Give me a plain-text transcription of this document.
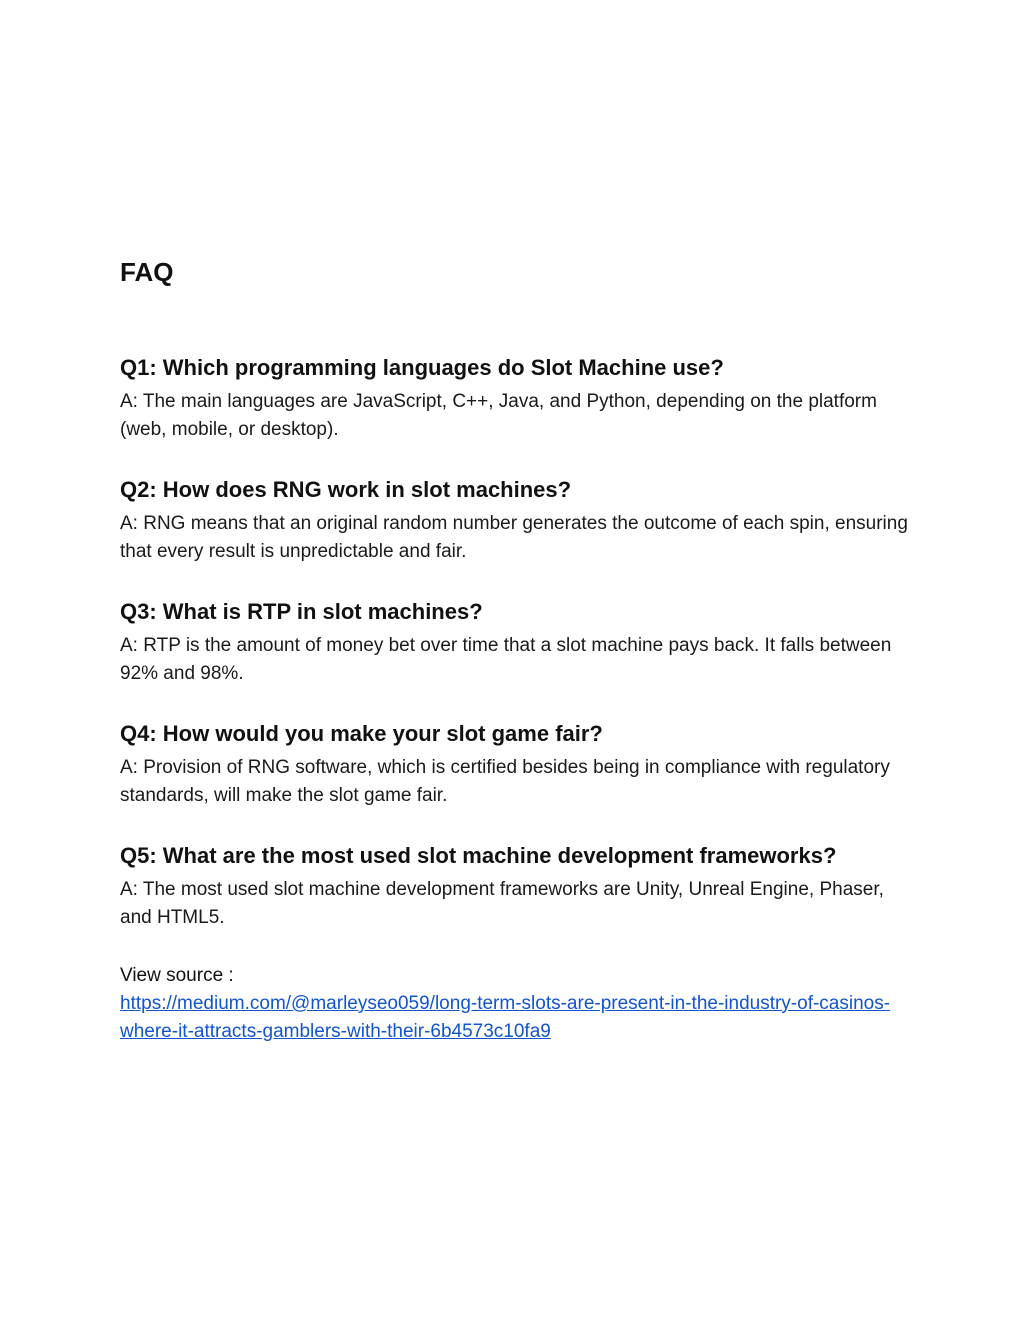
FAQ

Q1: Which programming languages do Slot Machine use?

A: The main languages are JavaScript, C++, Java, and Python, depending on the platform (web, mobile, or desktop).

Q2: How does RNG work in slot machines?

A: RNG means that an original random number generates the outcome of each spin, ensuring that every result is unpredictable and fair.

Q3: What is RTP in slot machines?

A: RTP is the amount of money bet over time that a slot machine pays back. It falls between 92% and 98%.

Q4: How would you make your slot game fair?

A: Provision of RNG software, which is certified besides being in compliance with regulatory standards, will make the slot game fair.

Q5: What are the most used slot machine development frameworks?

A: The most used slot machine development frameworks are Unity, Unreal Engine, Phaser, and HTML5.

View source :
https://medium.com/@marleyseo059/long-term-slots-are-present-in-the-industry-of-casinos-where-it-attracts-gamblers-with-their-6b4573c10fa9
